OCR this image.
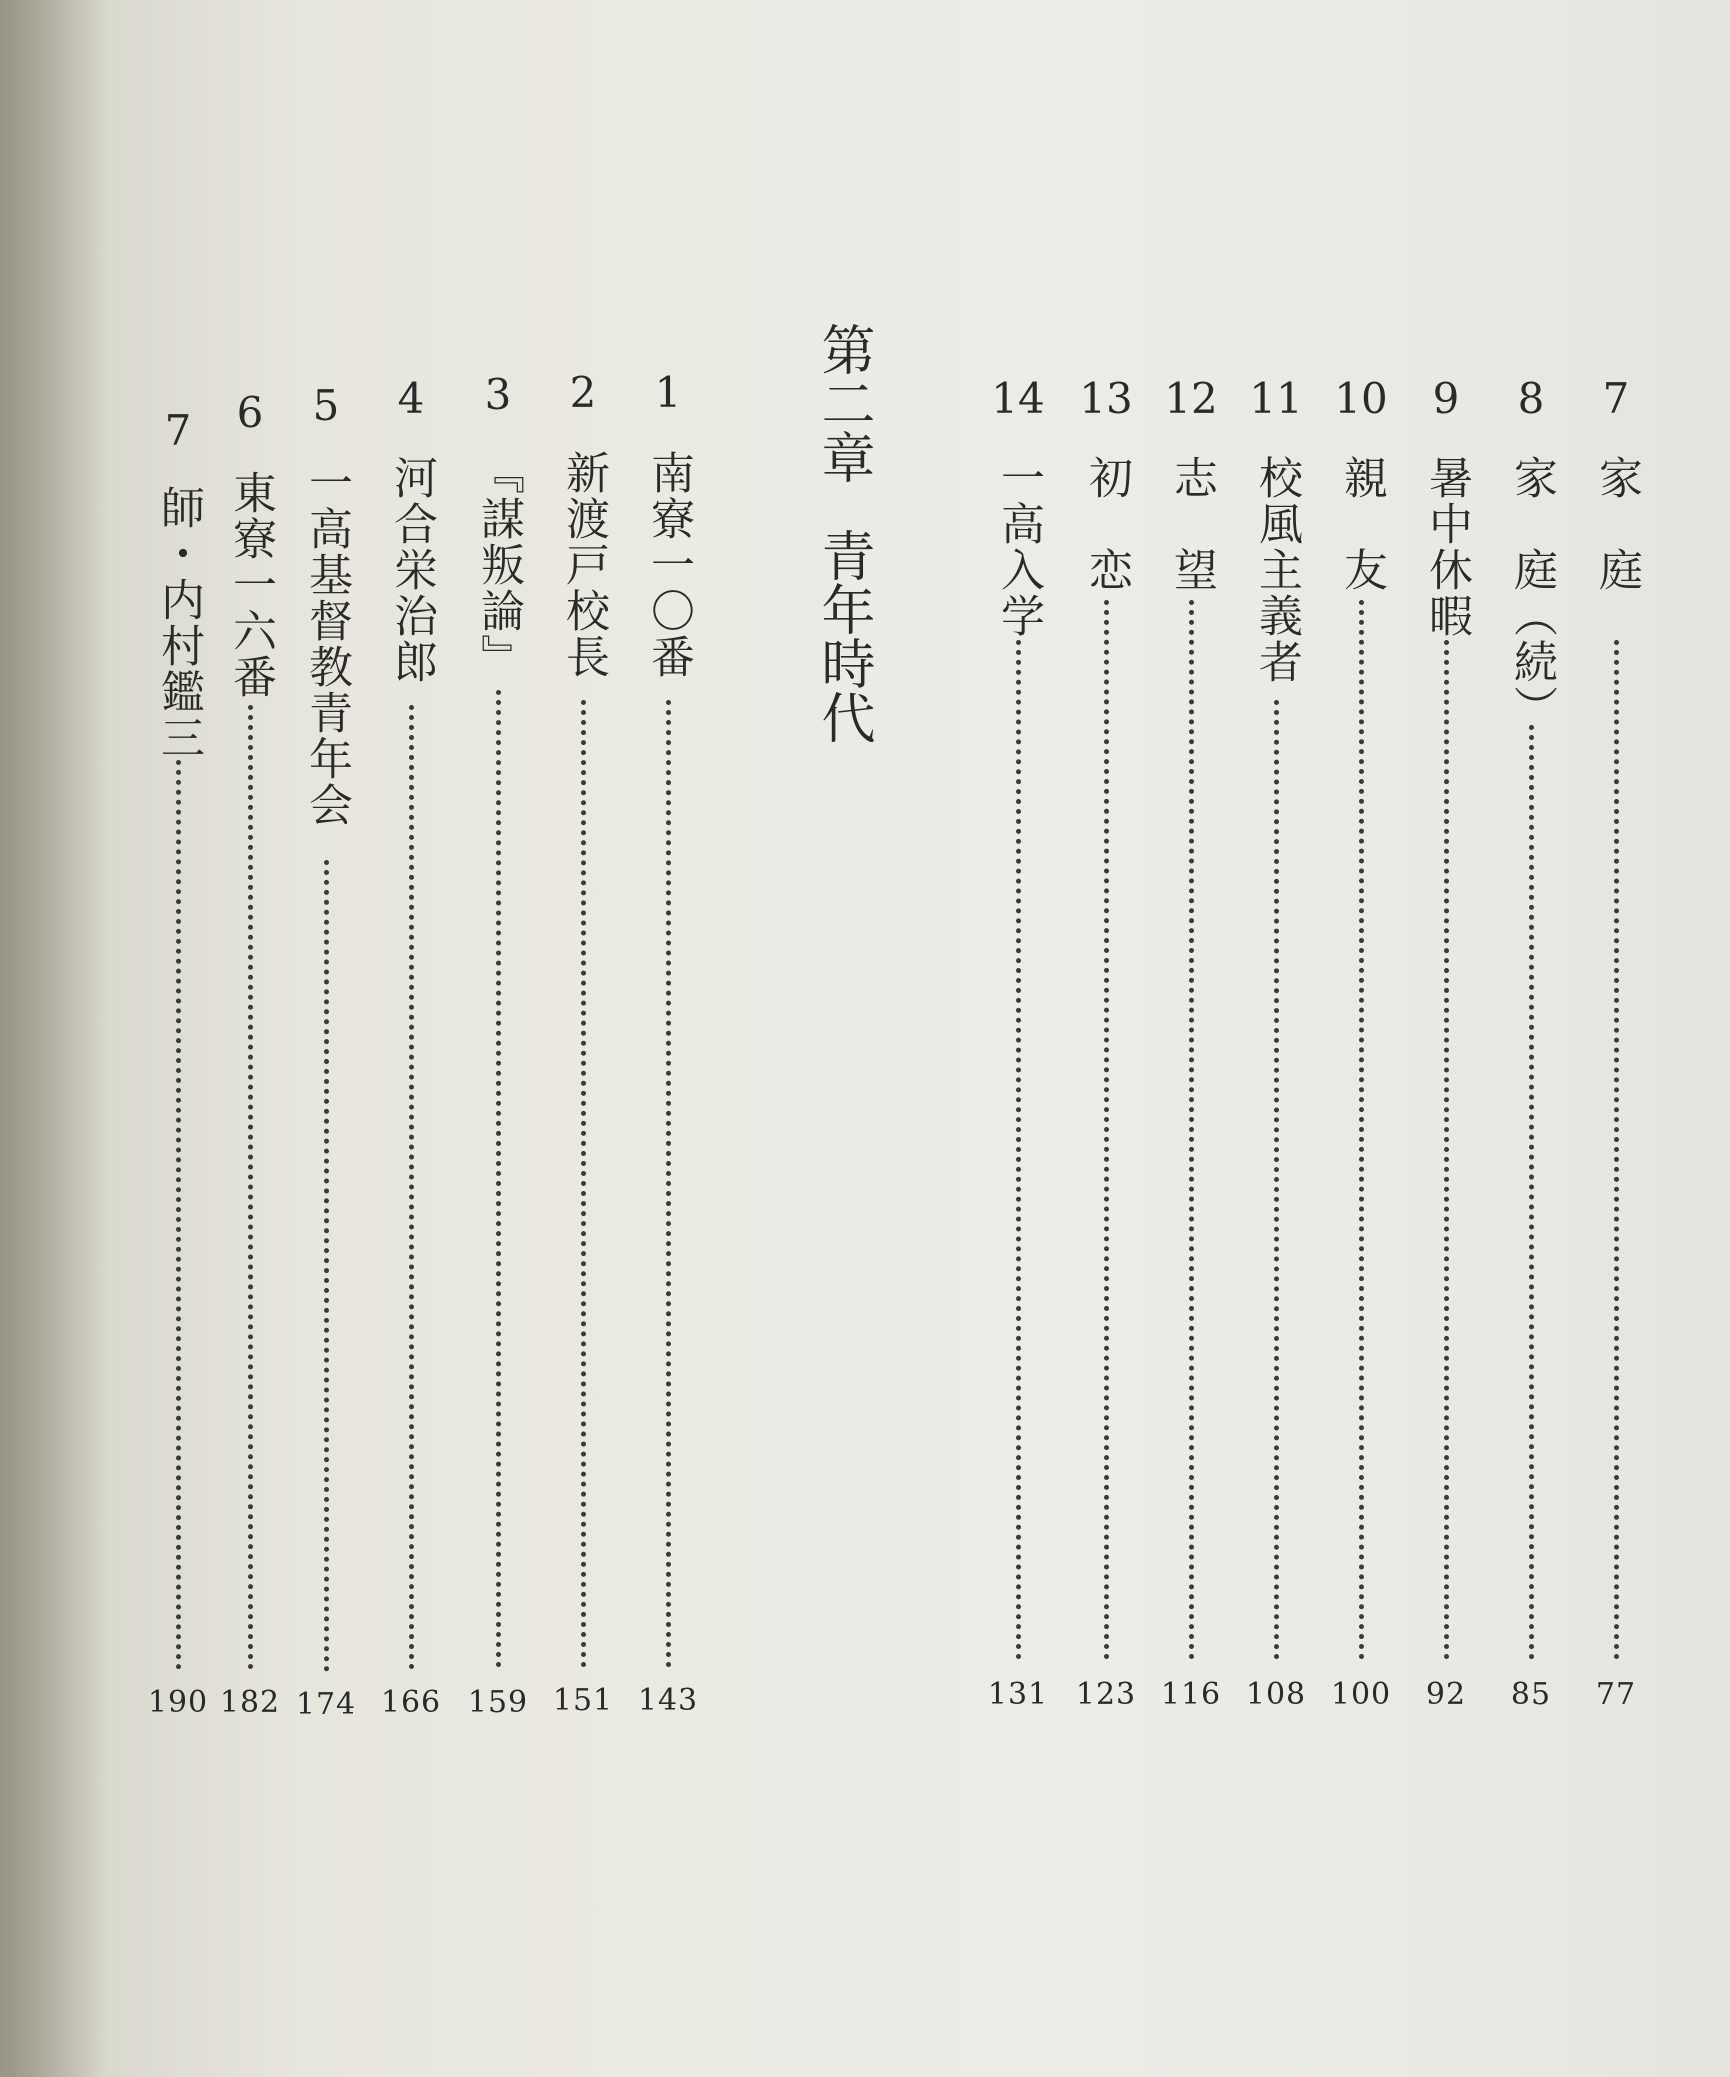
7
家　庭
77
8
家　庭（続）
85
9
暑中休暇
92
10
親　友
100
11
校風主義者
108
12
志　望
116
13
初　恋
123
14
一高入学
131
第二章青年時代
1
南寮一〇番
143
2
新渡戸校長
151
3
『謀叛論』
159
4
河合栄治郎
166
5
一高基督教青年会
174
6
東寮一六番
182
7
師・内村鑑三
190
